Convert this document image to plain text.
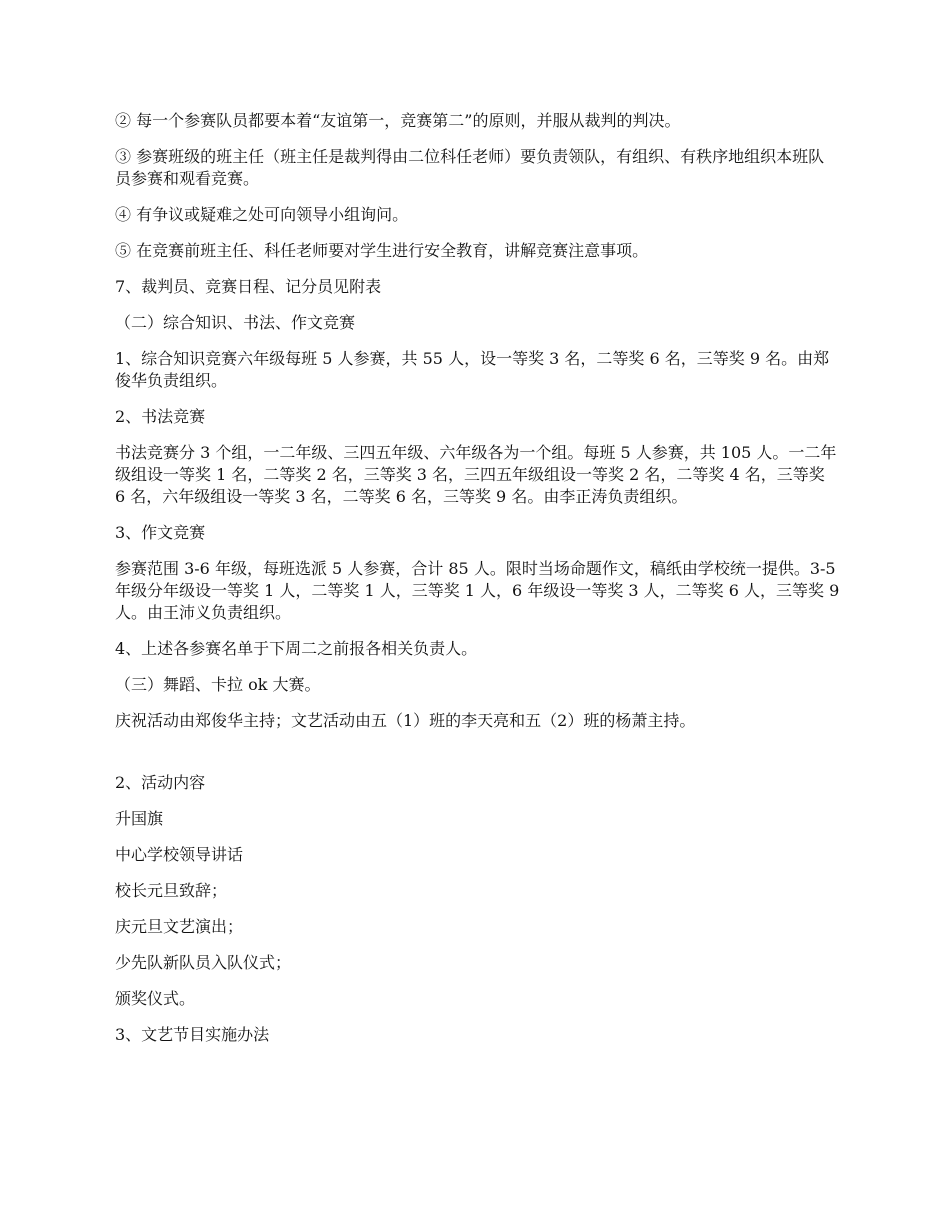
② 每一个参赛队员都要本着“友谊第一，竞赛第二”的原则，并服从裁判的判决。

③ 参赛班级的班主任（班主任是裁判得由二位科任老师）要负责领队，有组织、有秩序地组织本班队员参赛和观看竞赛。

④ 有争议或疑难之处可向领导小组询问。

⑤ 在竞赛前班主任、科任老师要对学生进行安全教育，讲解竞赛注意事项。

7、裁判员、竞赛日程、记分员见附表

（二）综合知识、书法、作文竞赛

1、综合知识竞赛六年级每班 5 人参赛，共 55 人，设一等奖 3 名，二等奖 6 名，三等奖 9 名。由郑俊华负责组织。

2、书法竞赛

书法竞赛分 3 个组，一二年级、三四五年级、六年级各为一个组。每班 5 人参赛，共 105 人。一二年级组设一等奖 1 名，二等奖 2 名，三等奖 3 名，三四五年级组设一等奖 2 名，二等奖 4 名，三等奖 6 名，六年级组设一等奖 3 名，二等奖 6 名，三等奖 9 名。由李正涛负责组织。

3、作文竞赛

参赛范围 3-6 年级，每班选派 5 人参赛，合计 85 人。限时当场命题作文，稿纸由学校统一提供。3-5 年级分年级设一等奖 1 人，二等奖 1 人，三等奖 1 人，6 年级设一等奖 3 人，二等奖 6 人，三等奖 9 人。由王沛义负责组织。

4、上述各参赛名单于下周二之前报各相关负责人。

（三）舞蹈、卡拉 ok 大赛。

庆祝活动由郑俊华主持；文艺活动由五（1）班的李天亮和五（2）班的杨萧主持。

2、活动内容

升国旗

中心学校领导讲话

校长元旦致辞；

庆元旦文艺演出；

少先队新队员入队仪式；

颁奖仪式。

3、文艺节目实施办法
